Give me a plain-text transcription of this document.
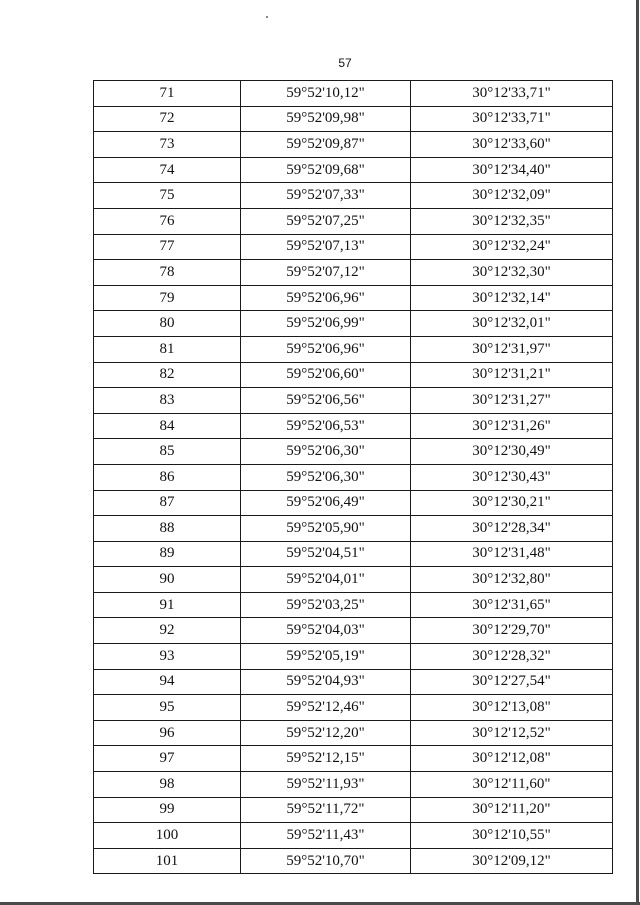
57
71	59°52'10,12"	30°12'33,71"
72	59°52'09,98"	30°12'33,71"
73	59°52'09,87"	30°12'33,60"
74	59°52'09,68"	30°12'34,40"
75	59°52'07,33"	30°12'32,09"
76	59°52'07,25"	30°12'32,35"
77	59°52'07,13"	30°12'32,24"
78	59°52'07,12"	30°12'32,30"
79	59°52'06,96"	30°12'32,14"
80	59°52'06,99"	30°12'32,01"
81	59°52'06,96"	30°12'31,97"
82	59°52'06,60"	30°12'31,21"
83	59°52'06,56"	30°12'31,27"
84	59°52'06,53"	30°12'31,26"
85	59°52'06,30"	30°12'30,49"
86	59°52'06,30"	30°12'30,43"
87	59°52'06,49"	30°12'30,21"
88	59°52'05,90"	30°12'28,34"
89	59°52'04,51"	30°12'31,48"
90	59°52'04,01"	30°12'32,80"
91	59°52'03,25"	30°12'31,65"
92	59°52'04,03"	30°12'29,70"
93	59°52'05,19"	30°12'28,32"
94	59°52'04,93"	30°12'27,54"
95	59°52'12,46"	30°12'13,08"
96	59°52'12,20"	30°12'12,52"
97	59°52'12,15"	30°12'12,08"
98	59°52'11,93"	30°12'11,60"
99	59°52'11,72"	30°12'11,20"
100	59°52'11,43"	30°12'10,55"
101	59°52'10,70"	30°12'09,12"
